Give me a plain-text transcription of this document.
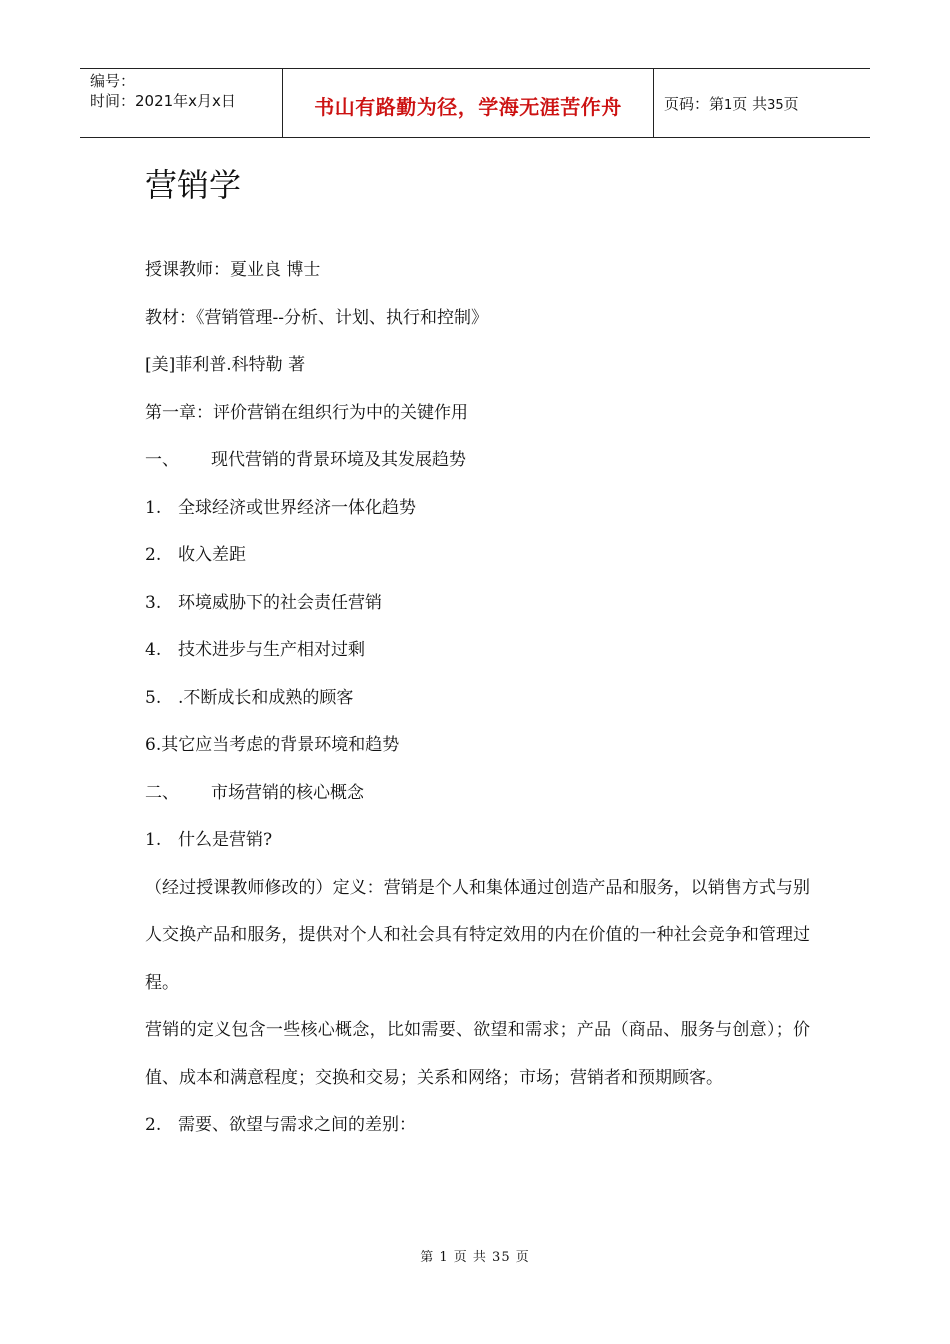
编号：
时间：2021年x月x日	书山有路勤为径，学海无涯苦作舟	页码：第1页 共35页
营销学

授课教师：夏业良 博士

教材：《营销管理--分析、计划、执行和控制》

[美]菲利普.科特勒 著

第一章：评价营销在组织行为中的关键作用

一、 现代营销的背景环境及其发展趋势

1. 全球经济或世界经济一体化趋势

2. 收入差距

3. 环境威胁下的社会责任营销

4. 技术进步与生产相对过剩

5. .不断成长和成熟的顾客

6.其它应当考虑的背景环境和趋势

二、 市场营销的核心概念

1. 什么是营销?

（经过授课教师修改的）定义：营销是个人和集体通过创造产品和服务，以销售方式与别人交换产品和服务，提供对个人和社会具有特定效用的内在价值的一种社会竞争和管理过程。

营销的定义包含一些核心概念，比如需要、欲望和需求；产品（商品、服务与创意）；价值、成本和满意程度；交换和交易；关系和网络；市场；营销者和预期顾客。

2. 需要、欲望与需求之间的差别：

第 1 页 共 35 页
